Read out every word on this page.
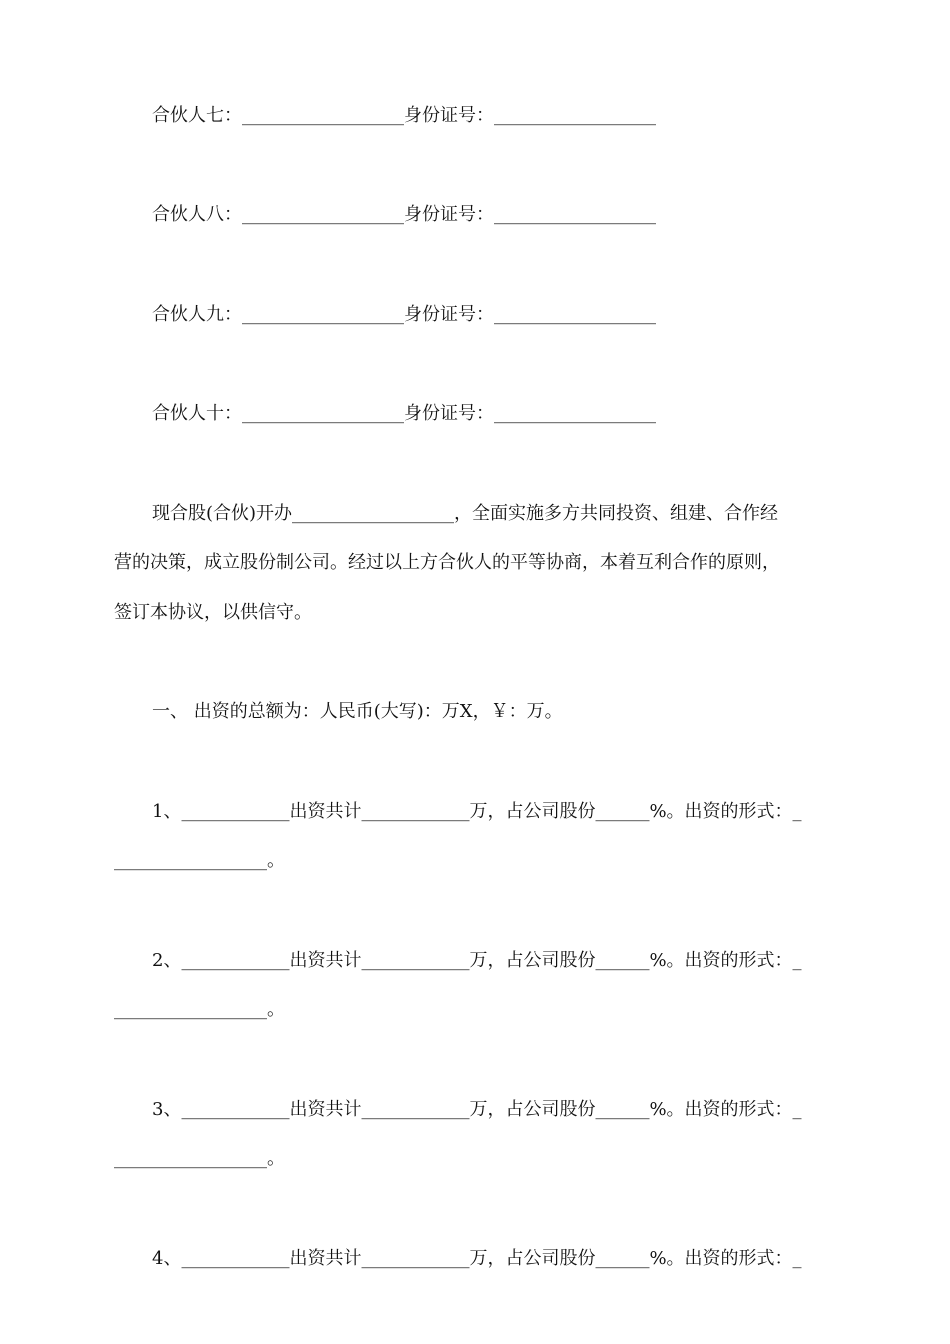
合伙人七：__________________身份证号：__________________
合伙人八：__________________身份证号：__________________
合伙人九：__________________身份证号：__________________
合伙人十：__________________身份证号：__________________
现合股(合伙)开办__________________，全面实施多方共同投资、组建、合作经
营的决策，成立股份制公司。经过以上方合伙人的平等协商，本着互利合作的原则，
签订本协议，以供信守。
一、 出资的总额为：人民币(大写)：万X，￥：万。
1、____________出资共计____________万，占公司股份______%。出资的形式：_
_________________。
2、____________出资共计____________万，占公司股份______%。出资的形式：_
_________________。
3、____________出资共计____________万，占公司股份______%。出资的形式：_
_________________。
4、____________出资共计____________万，占公司股份______%。出资的形式：_
